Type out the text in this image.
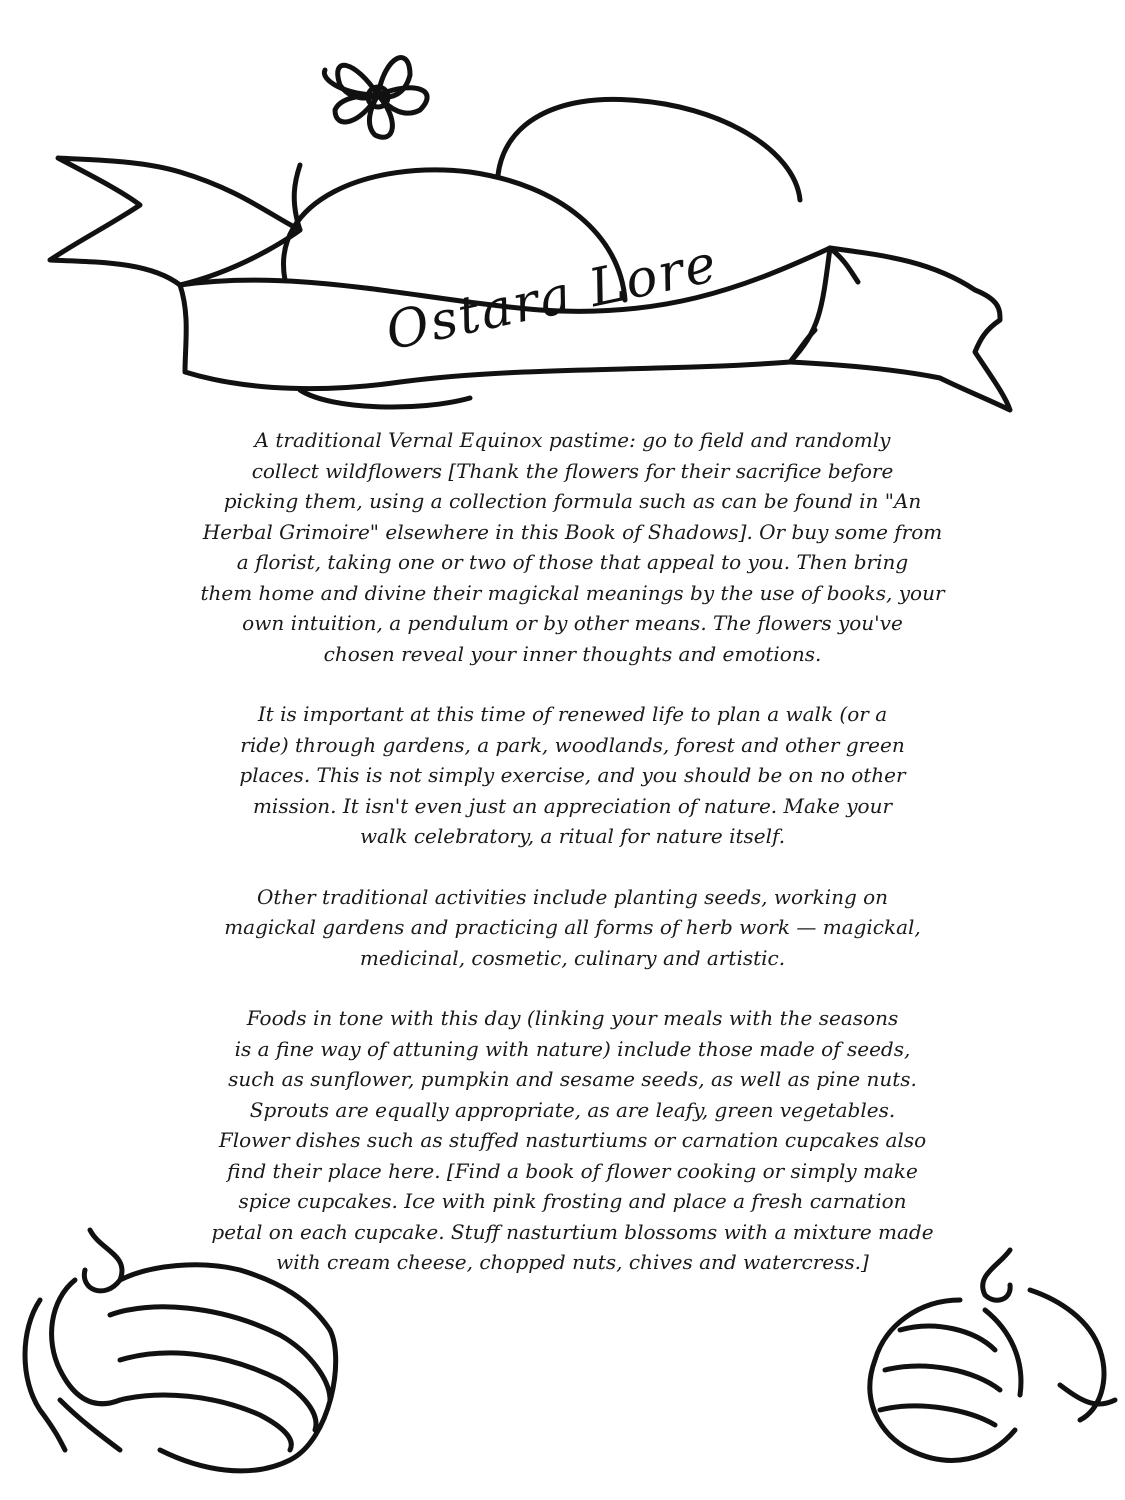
Ostara Lore

A traditional Vernal Equinox pastime: go to field and randomly

collect wildflowers [Thank the flowers for their sacrifice before

picking them, using a collection formula such as can be found in "An

Herbal Grimoire" elsewhere in this Book of Shadows]. Or buy some from

a florist, taking one or two of those that appeal to you. Then bring

them home and divine their magickal meanings by the use of books, your

own intuition, a pendulum or by other means. The flowers you've

chosen reveal your inner thoughts and emotions.

It is important at this time of renewed life to plan a walk (or a

ride) through gardens, a park, woodlands, forest and other green

places. This is not simply exercise, and you should be on no other

mission. It isn't even just an appreciation of nature. Make your

walk celebratory, a ritual for nature itself.

Other traditional activities include planting seeds, working on

magickal gardens and practicing all forms of herb work — magickal,

medicinal, cosmetic, culinary and artistic.

Foods in tone with this day (linking your meals with the seasons

is a fine way of attuning with nature) include those made of seeds,

such as sunflower, pumpkin and sesame seeds, as well as pine nuts.

Sprouts are equally appropriate, as are leafy, green vegetables.

Flower dishes such as stuffed nasturtiums or carnation cupcakes also

find their place here. [Find a book of flower cooking or simply make

spice cupcakes. Ice with pink frosting and place a fresh carnation

petal on each cupcake. Stuff nasturtium blossoms with a mixture made

with cream cheese, chopped nuts, chives and watercress.]
